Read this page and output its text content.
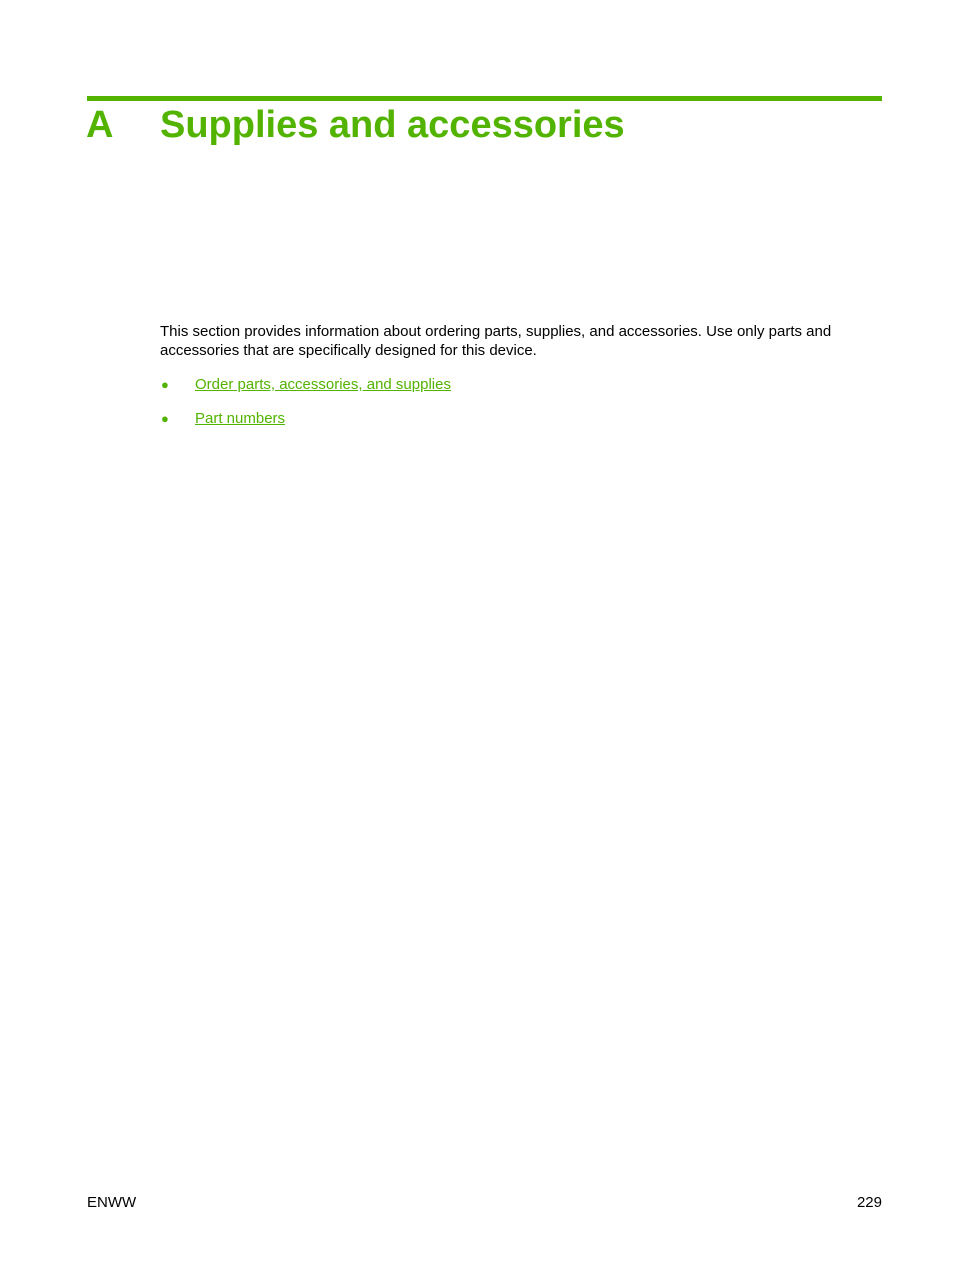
A Supplies and accessories

This section provides information about ordering parts, supplies, and accessories. Use only parts and accessories that are specifically designed for this device.

● Order parts, accessories, and supplies
● Part numbers
ENWW	229
